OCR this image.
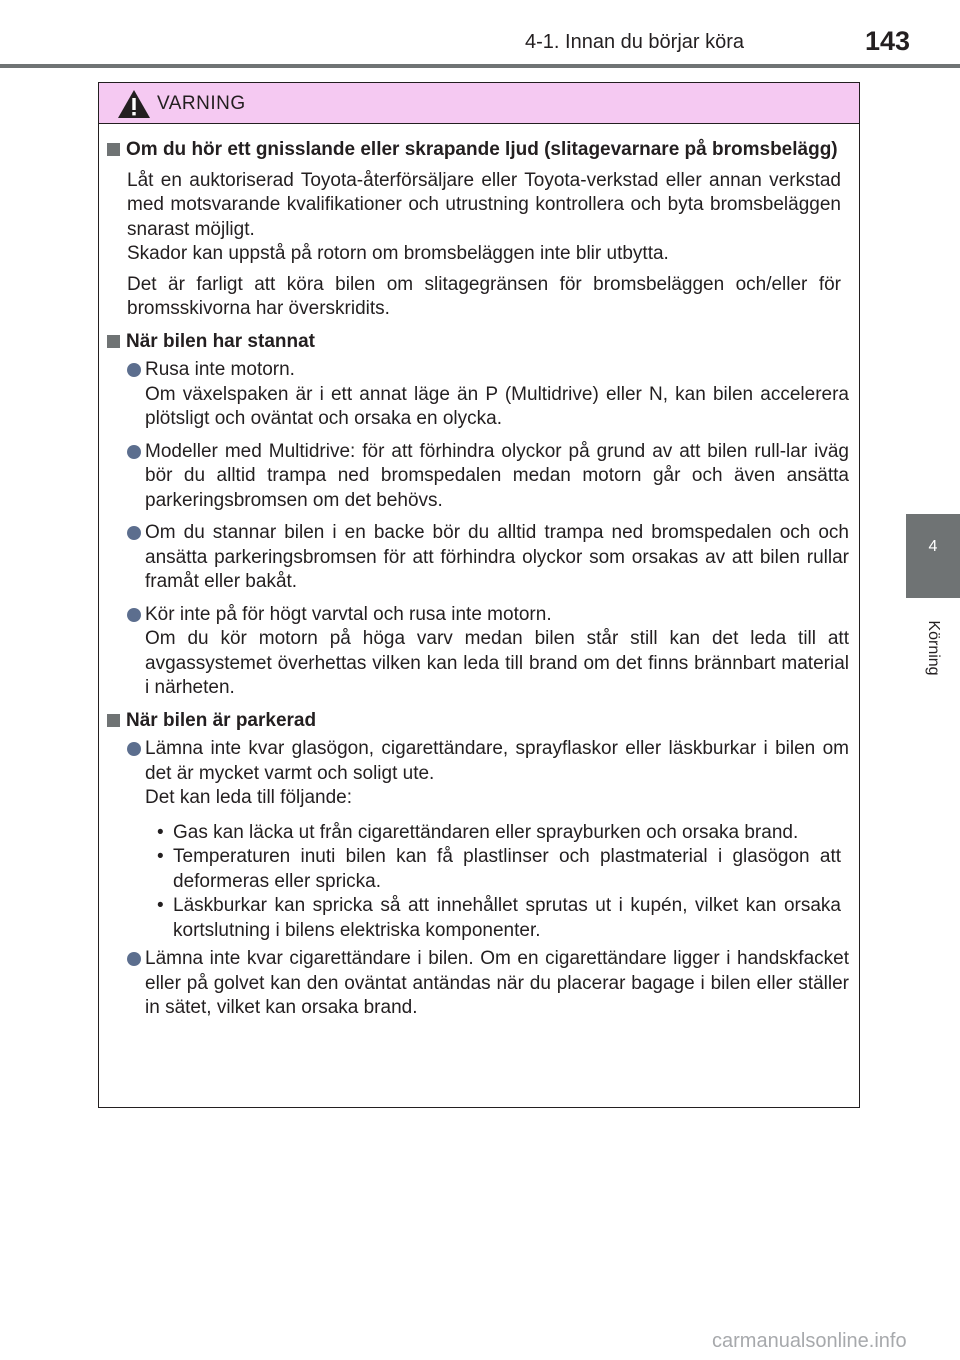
4-1. Innan du börjar köra	143
4
Körning
VARNING
Om du hör ett gnisslande eller skrapande ljud (slitagevarnare på bromsbelägg)
Låt en auktoriserad Toyota-återförsäljare eller Toyota-verkstad eller annan verkstad med motsvarande kvalifikationer och utrustning kontrollera och byta bromsbeläggen snarast möjligt.
Skador kan uppstå på rotorn om bromsbeläggen inte blir utbytta.
Det är farligt att köra bilen om slitagegränsen för bromsbeläggen och/eller för bromsskivorna har överskridits.
När bilen har stannat
Rusa inte motorn.
Om växelspaken är i ett annat läge än P (Multidrive) eller N, kan bilen accelerera plötsligt och oväntat och orsaka en olycka.
Modeller med Multidrive: för att förhindra olyckor på grund av att bilen rull-lar iväg bör du alltid trampa ned bromspedalen medan motorn går och även ansätta parkeringsbromsen om det behövs.
Om du stannar bilen i en backe bör du alltid trampa ned bromspedalen och och ansätta parkeringsbromsen för att förhindra olyckor som orsakas av att bilen rullar framåt eller bakåt.
Kör inte på för högt varvtal och rusa inte motorn.
Om du kör motorn på höga varv medan bilen står still kan det leda till att avgassystemet överhettas vilken kan leda till brand om det finns brännbart material i närheten.
När bilen är parkerad
Lämna inte kvar glasögon, cigarettändare, sprayflaskor eller läskburkar i bilen om det är mycket varmt och soligt ute.
Det kan leda till följande:
• Gas kan läcka ut från cigarettändaren eller sprayburken och orsaka brand.
• Temperaturen inuti bilen kan få plastlinser och plastmaterial i glasögon att deformeras eller spricka.
• Läskburkar kan spricka så att innehållet sprutas ut i kupén, vilket kan orsaka kortslutning i bilens elektriska komponenter.
Lämna inte kvar cigarettändare i bilen. Om en cigarettändare ligger i handskfacket eller på golvet kan den oväntat antändas när du placerar bagage i bilen eller ställer in sätet, vilket kan orsaka brand.
carmanualsonline.info
